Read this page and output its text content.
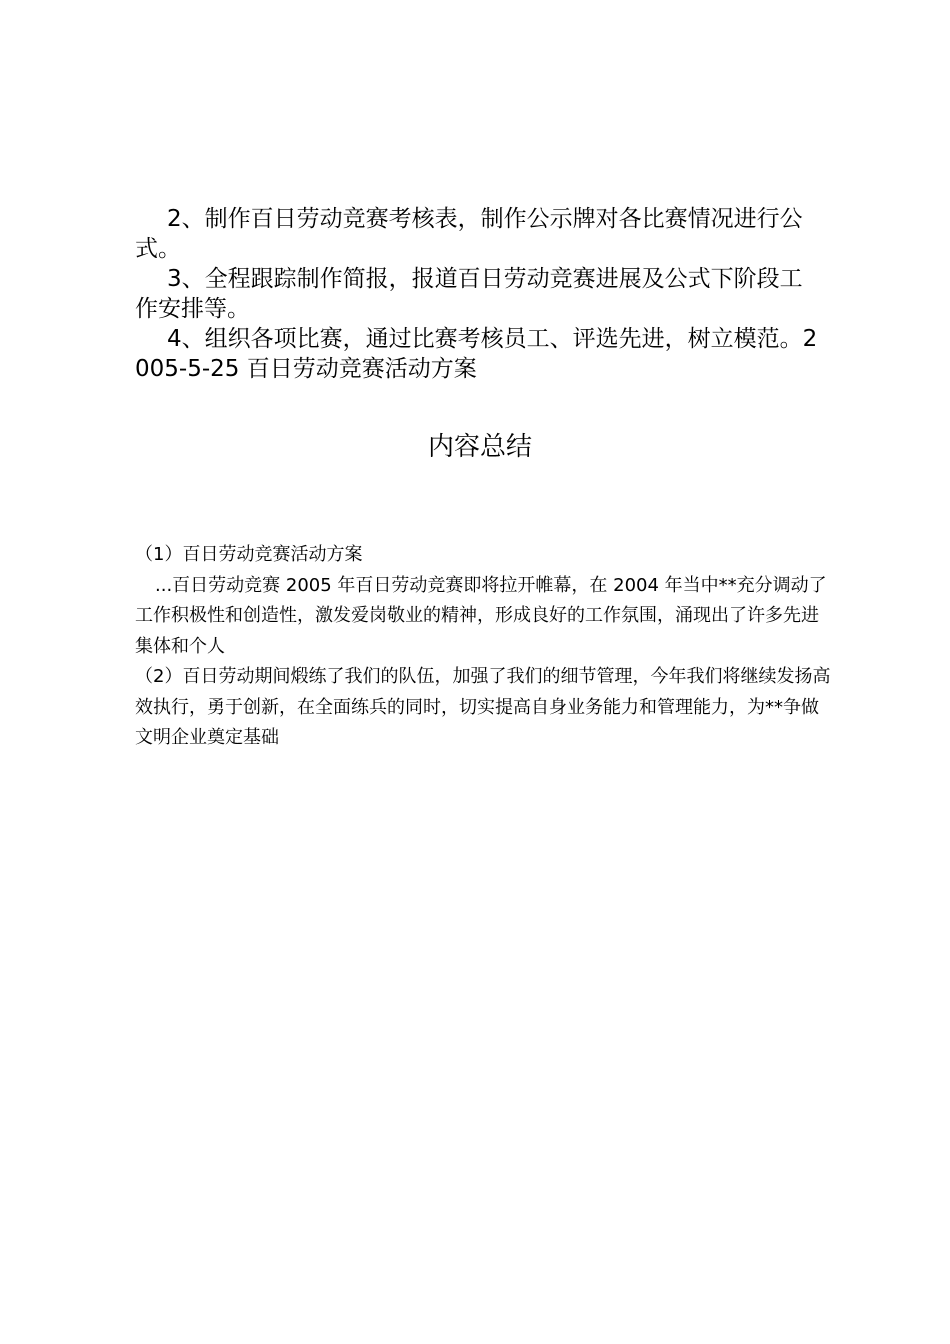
2、制作百日劳动竞赛考核表，制作公示牌对各比赛情况进行公式。

3、全程跟踪制作简报，报道百日劳动竞赛进展及公式下阶段工作安排等。

4、组织各项比赛，通过比赛考核员工、评选先进，树立模范。2005-5-25 百日劳动竞赛活动方案

内容总结

（1）百日劳动竞赛活动方案

...百日劳动竞赛 2005 年百日劳动竞赛即将拉开帷幕，在 2004 年当中**充分调动了工作积极性和创造性，激发爱岗敬业的精神，形成良好的工作氛围，涌现出了许多先进集体和个人

（2）百日劳动期间煅练了我们的队伍，加强了我们的细节管理，今年我们将继续发扬高效执行，勇于创新，在全面练兵的同时，切实提高自身业务能力和管理能力，为**争做文明企业奠定基础
